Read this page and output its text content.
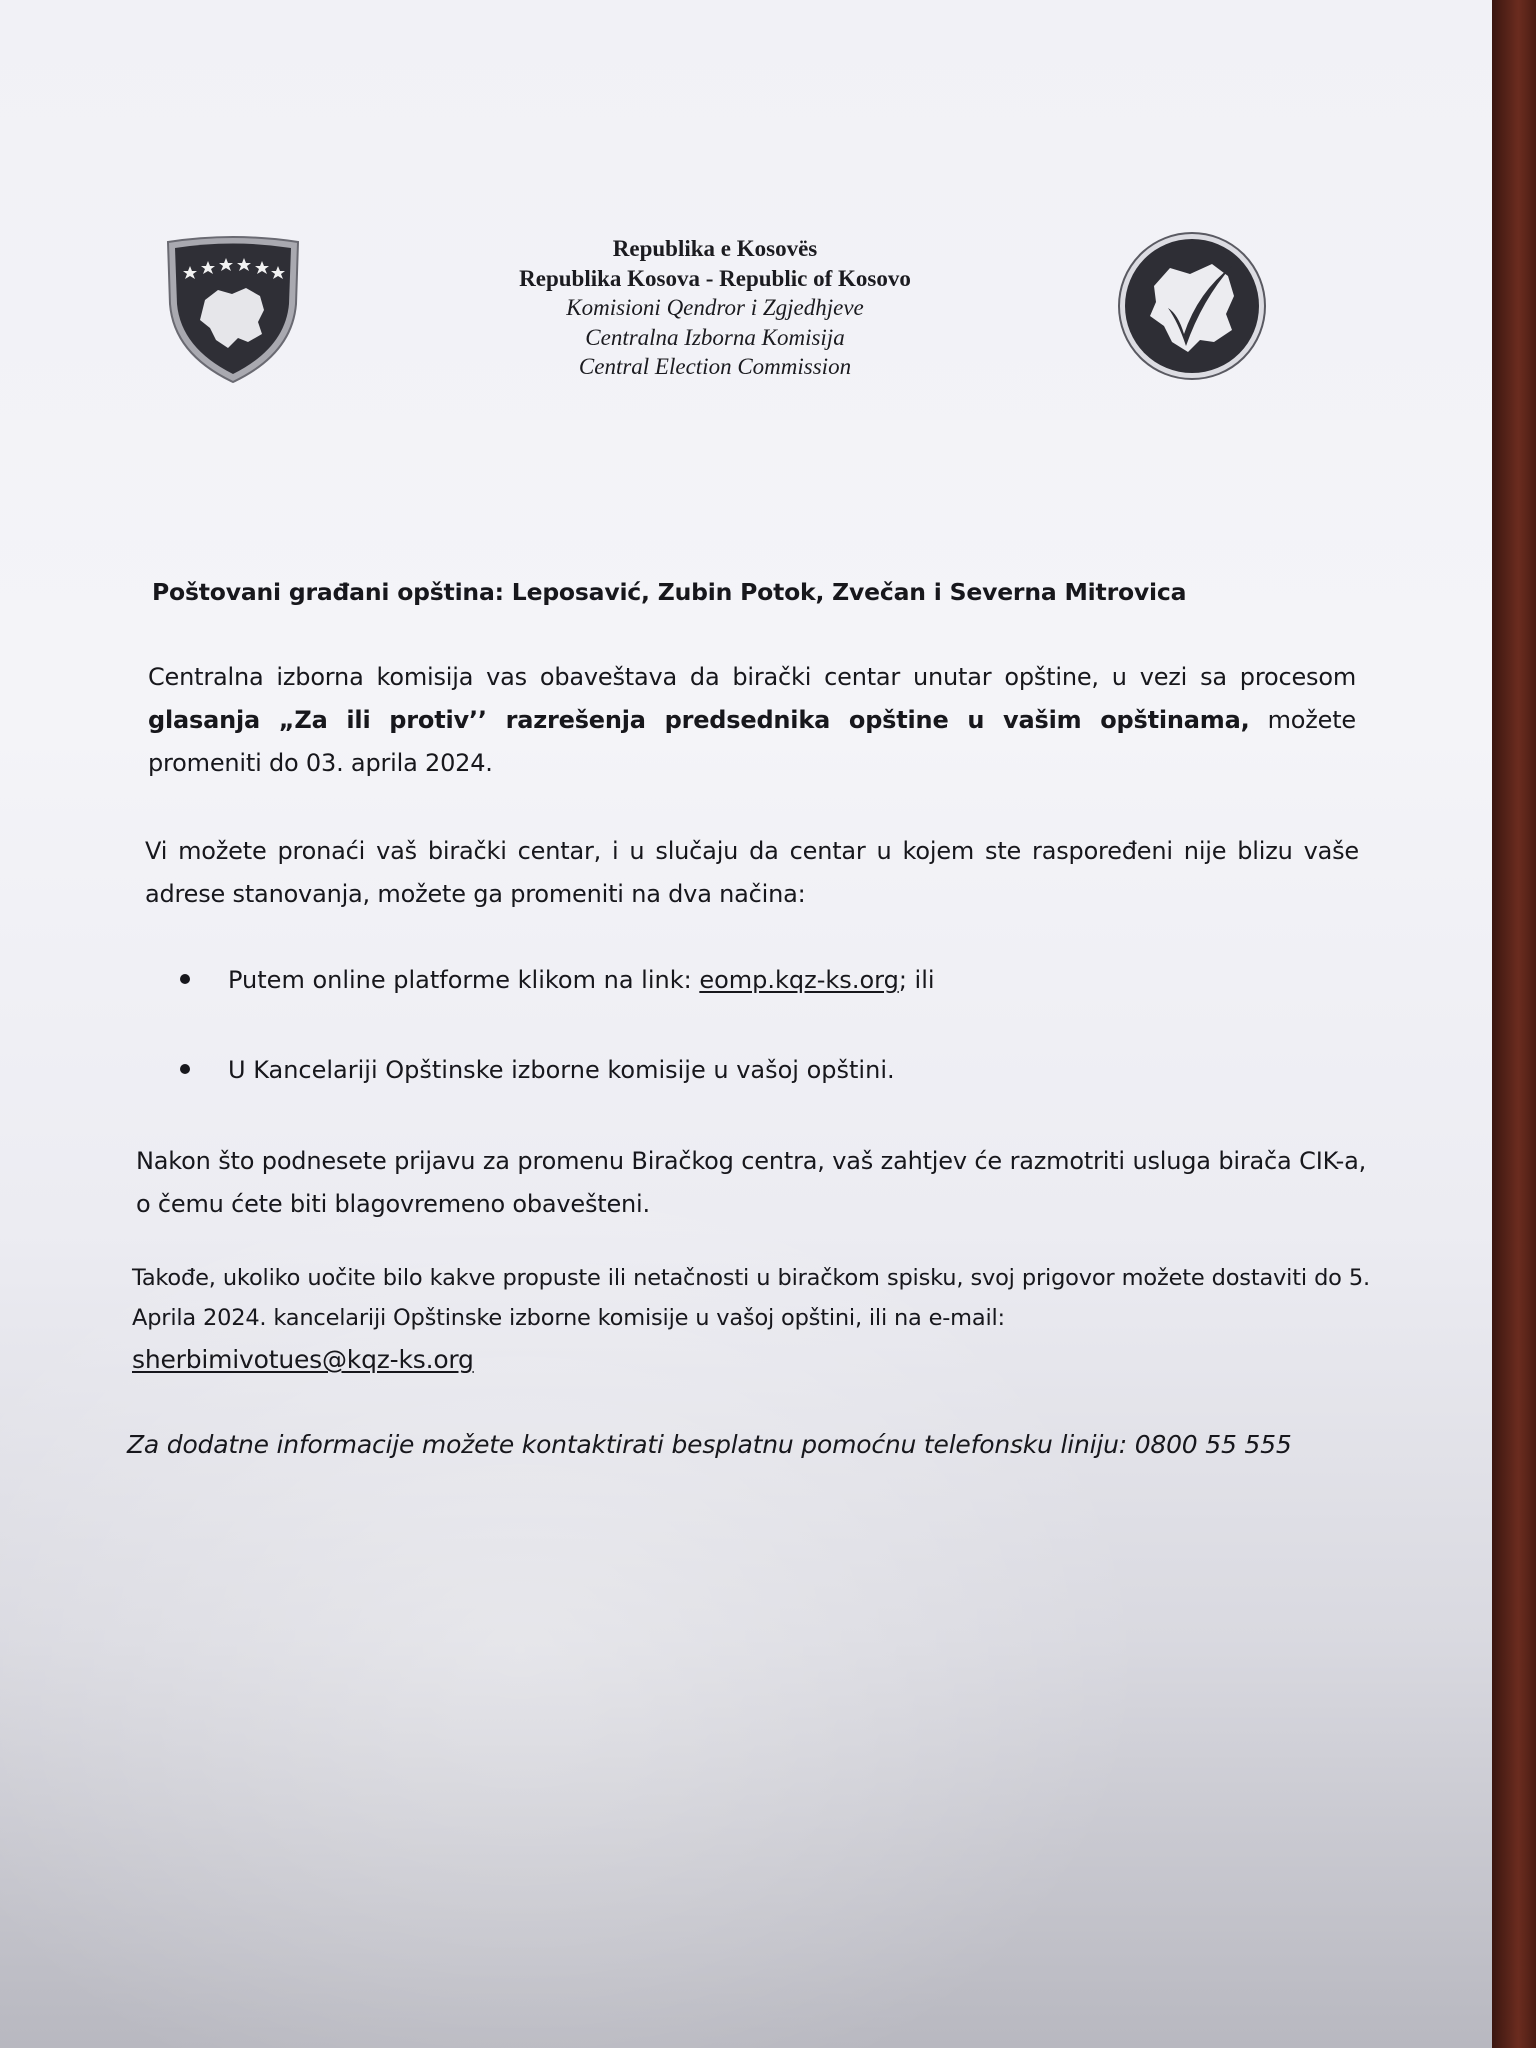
Republika e Kosovës
Republika Kosova - Republic of Kosovo
Komisioni Qendror i Zgjedhjeve
Centralna Izborna Komisija
Central Election Commission
Poštovani građani opština: Leposavić, Zubin Potok, Zvečan i Severna Mitrovica
Centralna izborna komisija vas obaveštava da birački centar unutar opštine, u vezi sa procesom glasanja „Za ili protiv’’ razrešenja predsednika opštine u vašim opštinama, možete promeniti do 03. aprila 2024.
Vi možete pronaći vaš birački centar, i u slučaju da centar u kojem ste raspoređeni nije blizu vaše adrese stanovanja, možete ga promeniti na dva načina:
Putem online platforme klikom na link: eomp.kqz-ks.org; ili
U Kancelariji Opštinske izborne komisije u vašoj opštini.
Nakon što podnesete prijavu za promenu Biračkog centra, vaš zahtjev će razmotriti usluga birača CIK-a, o čemu ćete biti blagovremeno obavešteni.
Takođe, ukoliko uočite bilo kakve propuste ili netačnosti u biračkom spisku, svoj prigovor možete dostaviti do 5. Aprila 2024. kancelariji Opštinske izborne komisije u vašoj opštini, ili na e-mail:
sherbimivotues@kqz-ks.org
Za dodatne informacije možete kontaktirati besplatnu pomoćnu telefonsku liniju: 0800 55 555
